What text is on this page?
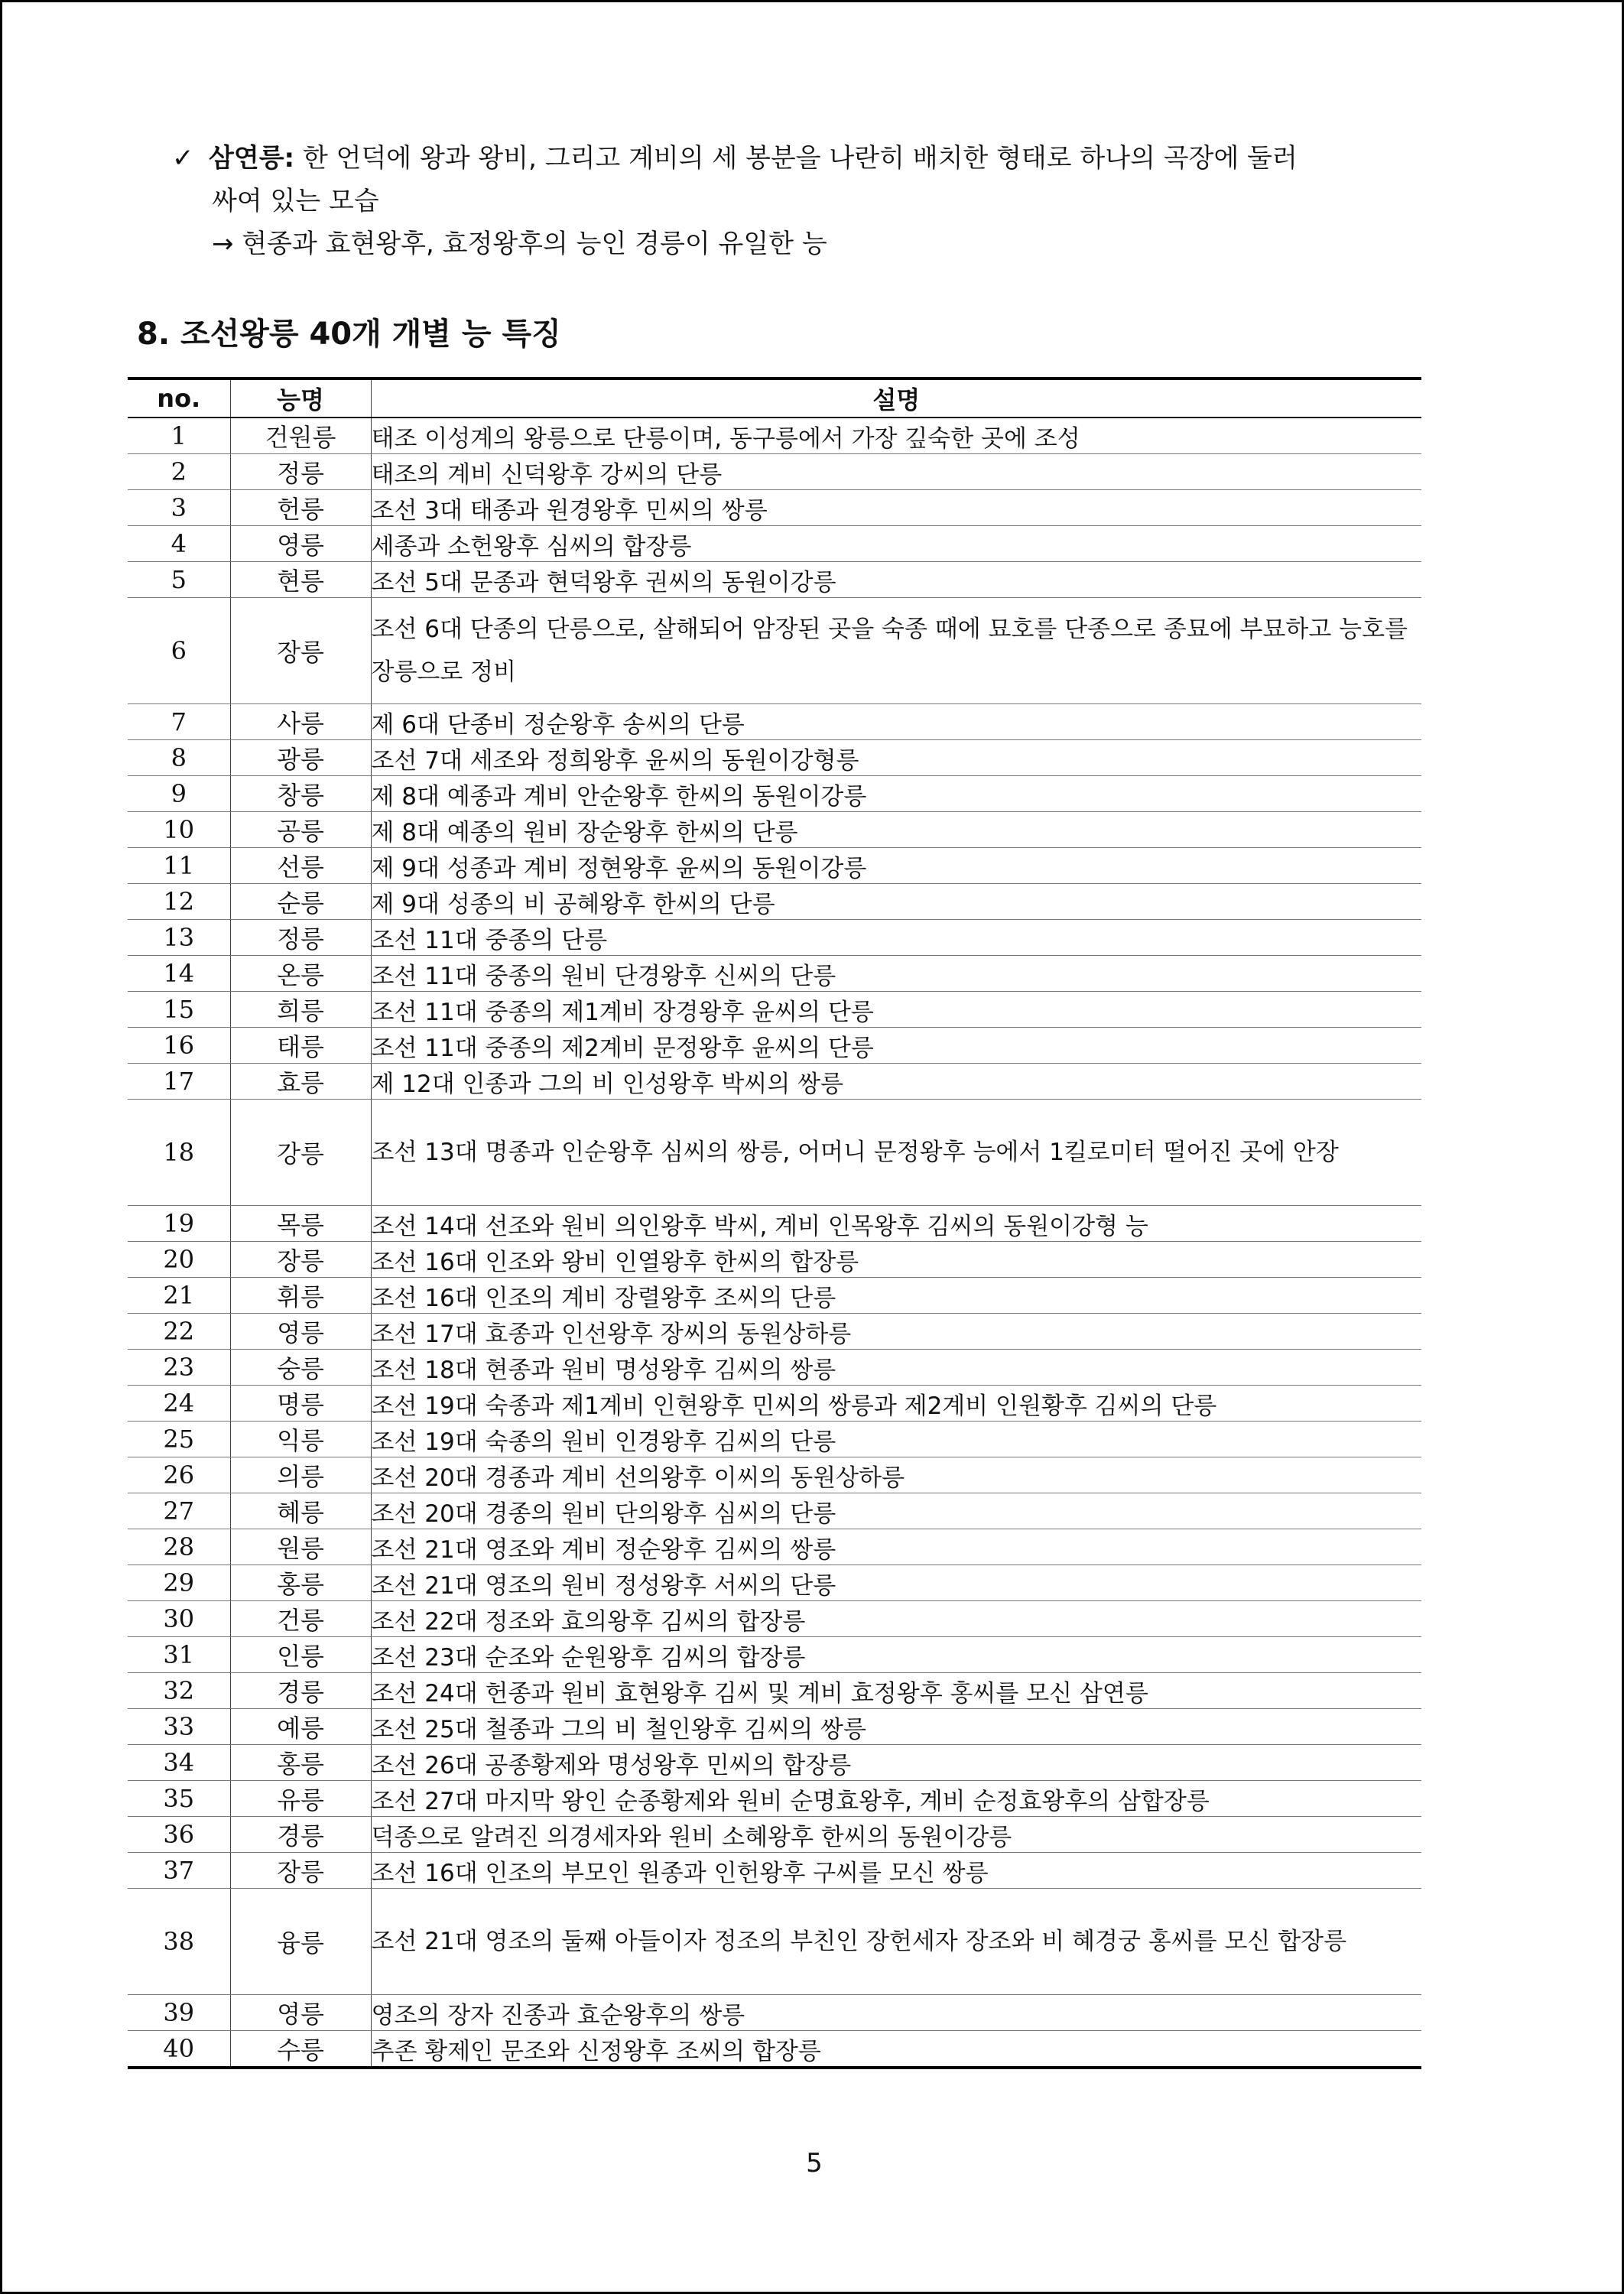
✓ 삼연릉: 한 언덕에 왕과 왕비, 그리고 계비의 세 봉분을 나란히 배치한 형태로 하나의 곡장에 둘러
싸여 있는 모습
→ 현종과 효현왕후, 효정왕후의 능인 경릉이 유일한 능
8. 조선왕릉 40개 개별 능 특징
no.	능명	설명
1	건원릉	태조 이성계의 왕릉으로 단릉이며, 동구릉에서 가장 깊숙한 곳에 조성
2	정릉	태조의 계비 신덕왕후 강씨의 단릉
3	헌릉	조선 3대 태종과 원경왕후 민씨의 쌍릉
4	영릉	세종과 소헌왕후 심씨의 합장릉
5	현릉	조선 5대 문종과 현덕왕후 권씨의 동원이강릉
6	장릉	조선 6대 단종의 단릉으로, 살해되어 암장된 곳을 숙종 때에 묘호를 단종으로 종묘에 부묘하고 능호를 장릉으로 정비
7	사릉	제 6대 단종비 정순왕후 송씨의 단릉
8	광릉	조선 7대 세조와 정희왕후 윤씨의 동원이강형릉
9	창릉	제 8대 예종과 계비 안순왕후 한씨의 동원이강릉
10	공릉	제 8대 예종의 원비 장순왕후 한씨의 단릉
11	선릉	제 9대 성종과 계비 정현왕후 윤씨의 동원이강릉
12	순릉	제 9대 성종의 비 공혜왕후 한씨의 단릉
13	정릉	조선 11대 중종의 단릉
14	온릉	조선 11대 중종의 원비 단경왕후 신씨의 단릉
15	희릉	조선 11대 중종의 제1계비 장경왕후 윤씨의 단릉
16	태릉	조선 11대 중종의 제2계비 문정왕후 윤씨의 단릉
17	효릉	제 12대 인종과 그의 비 인성왕후 박씨의 쌍릉
18	강릉	조선 13대 명종과 인순왕후 심씨의 쌍릉, 어머니 문정왕후 능에서 1킬로미터 떨어진 곳에 안장
19	목릉	조선 14대 선조와 원비 의인왕후 박씨, 계비 인목왕후 김씨의 동원이강형 능
20	장릉	조선 16대 인조와 왕비 인열왕후 한씨의 합장릉
21	휘릉	조선 16대 인조의 계비 장렬왕후 조씨의 단릉
22	영릉	조선 17대 효종과 인선왕후 장씨의 동원상하릉
23	숭릉	조선 18대 현종과 원비 명성왕후 김씨의 쌍릉
24	명릉	조선 19대 숙종과 제1계비 인현왕후 민씨의 쌍릉과 제2계비 인원황후 김씨의 단릉
25	익릉	조선 19대 숙종의 원비 인경왕후 김씨의 단릉
26	의릉	조선 20대 경종과 계비 선의왕후 이씨의 동원상하릉
27	혜릉	조선 20대 경종의 원비 단의왕후 심씨의 단릉
28	원릉	조선 21대 영조와 계비 정순왕후 김씨의 쌍릉
29	홍릉	조선 21대 영조의 원비 정성왕후 서씨의 단릉
30	건릉	조선 22대 정조와 효의왕후 김씨의 합장릉
31	인릉	조선 23대 순조와 순원왕후 김씨의 합장릉
32	경릉	조선 24대 헌종과 원비 효현왕후 김씨 및 계비 효정왕후 홍씨를 모신 삼연릉
33	예릉	조선 25대 철종과 그의 비 철인왕후 김씨의 쌍릉
34	홍릉	조선 26대 공종황제와 명성왕후 민씨의 합장릉
35	유릉	조선 27대 마지막 왕인 순종황제와 원비 순명효왕후, 계비 순정효왕후의 삼합장릉
36	경릉	덕종으로 알려진 의경세자와 원비 소혜왕후 한씨의 동원이강릉
37	장릉	조선 16대 인조의 부모인 원종과 인헌왕후 구씨를 모신 쌍릉
38	융릉	조선 21대 영조의 둘째 아들이자 정조의 부친인 장헌세자 장조와 비 혜경궁 홍씨를 모신 합장릉
39	영릉	영조의 장자 진종과 효순왕후의 쌍릉
40	수릉	추존 황제인 문조와 신정왕후 조씨의 합장릉
5
